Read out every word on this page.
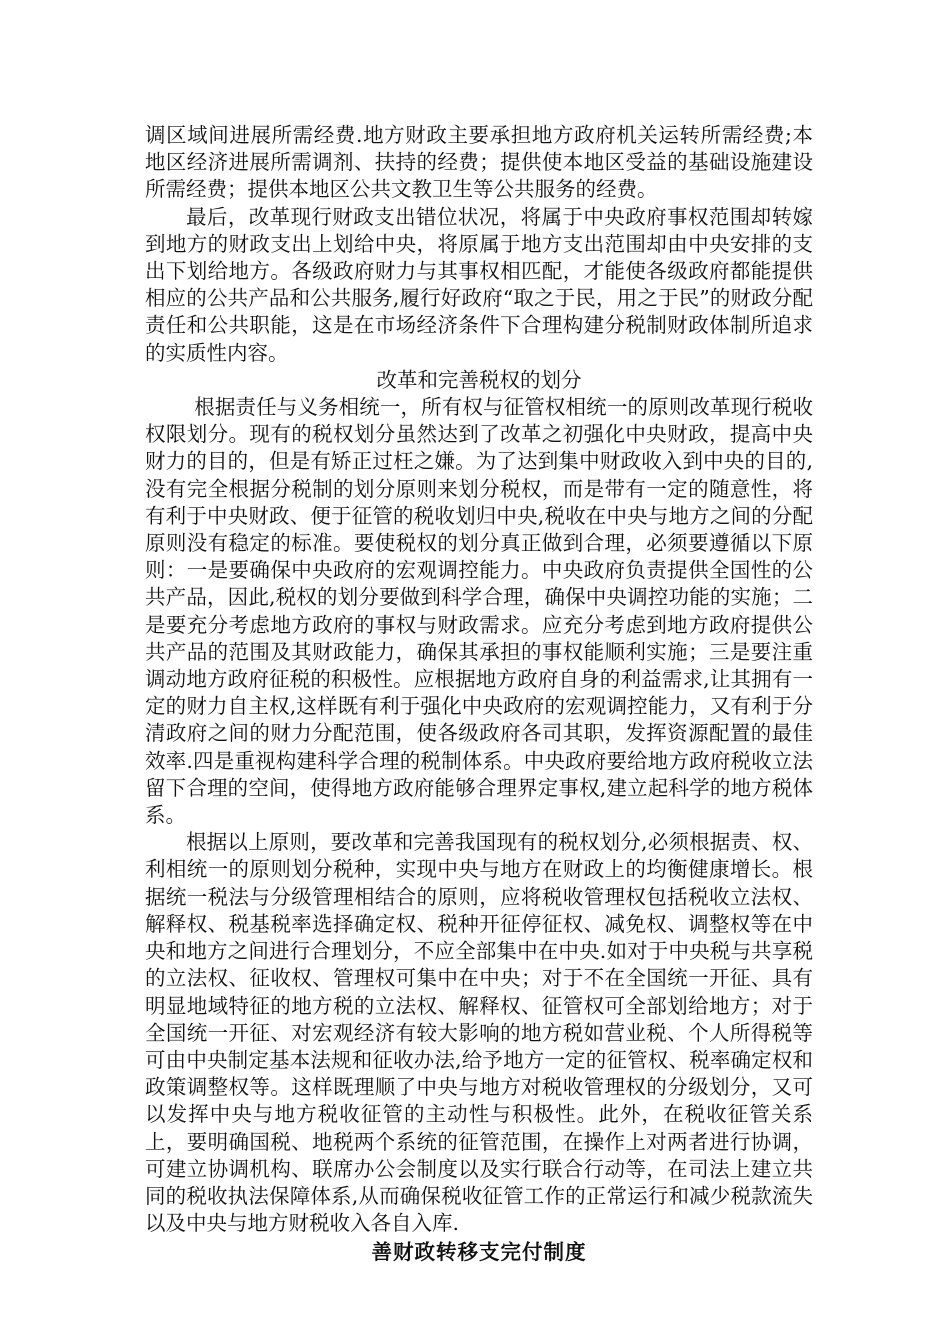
调区域间进展所需经费.地方财政主要承担地方政府机关运转所需经费;本地区经济进展所需调剂、扶持的经费；提供使本地区受益的基础设施建设所需经费；提供本地区公共文教卫生等公共服务的经费。

最后，改革现行财政支出错位状况，将属于中央政府事权范围却转嫁到地方的财政支出上划给中央，将原属于地方支出范围却由中央安排的支出下划给地方。各级政府财力与其事权相匹配，才能使各级政府都能提供相应的公共产品和公共服务,履行好政府“取之于民，用之于民”的财政分配责任和公共职能，这是在市场经济条件下合理构建分税制财政体制所追求的实质性内容。

改革和完善税权的划分

根据责任与义务相统一，所有权与征管权相统一的原则改革现行税收权限划分。现有的税权划分虽然达到了改革之初强化中央财政，提高中央财力的目的，但是有矫正过枉之嫌。为了达到集中财政收入到中央的目的,没有完全根据分税制的划分原则来划分税权，而是带有一定的随意性，将有利于中央财政、便于征管的税收划归中央,税收在中央与地方之间的分配原则没有稳定的标准。要使税权的划分真正做到合理，必须要遵循以下原则：一是要确保中央政府的宏观调控能力。中央政府负责提供全国性的公共产品，因此,税权的划分要做到科学合理，确保中央调控功能的实施；二是要充分考虑地方政府的事权与财政需求。应充分考虑到地方政府提供公共产品的范围及其财政能力，确保其承担的事权能顺利实施；三是要注重调动地方政府征税的积极性。应根据地方政府自身的利益需求,让其拥有一定的财力自主权,这样既有利于强化中央政府的宏观调控能力，又有利于分清政府之间的财力分配范围，使各级政府各司其职，发挥资源配置的最佳效率.四是重视构建科学合理的税制体系。中央政府要给地方政府税收立法留下合理的空间，使得地方政府能够合理界定事权,建立起科学的地方税体系。

根据以上原则，要改革和完善我国现有的税权划分,必须根据责、权、利相统一的原则划分税种，实现中央与地方在财政上的均衡健康增长。根据统一税法与分级管理相结合的原则，应将税收管理权包括税收立法权、解释权、税基税率选择确定权、税种开征停征权、减免权、调整权等在中央和地方之间进行合理划分，不应全部集中在中央.如对于中央税与共享税的立法权、征收权、管理权可集中在中央；对于不在全国统一开征、具有明显地域特征的地方税的立法权、解释权、征管权可全部划给地方；对于全国统一开征、对宏观经济有较大影响的地方税如营业税、个人所得税等可由中央制定基本法规和征收办法,给予地方一定的征管权、税率确定权和政策调整权等。这样既理顺了中央与地方对税收管理权的分级划分，又可以发挥中央与地方税收征管的主动性与积极性。此外，在税收征管关系上，要明确国税、地税两个系统的征管范围，在操作上对两者进行协调，可建立协调机构、联席办公会制度以及实行联合行动等，在司法上建立共同的税收执法保障体系,从而确保税收征管工作的正常运行和减少税款流失以及中央与地方财税收入各自入库.

善财政转移支完付制度
